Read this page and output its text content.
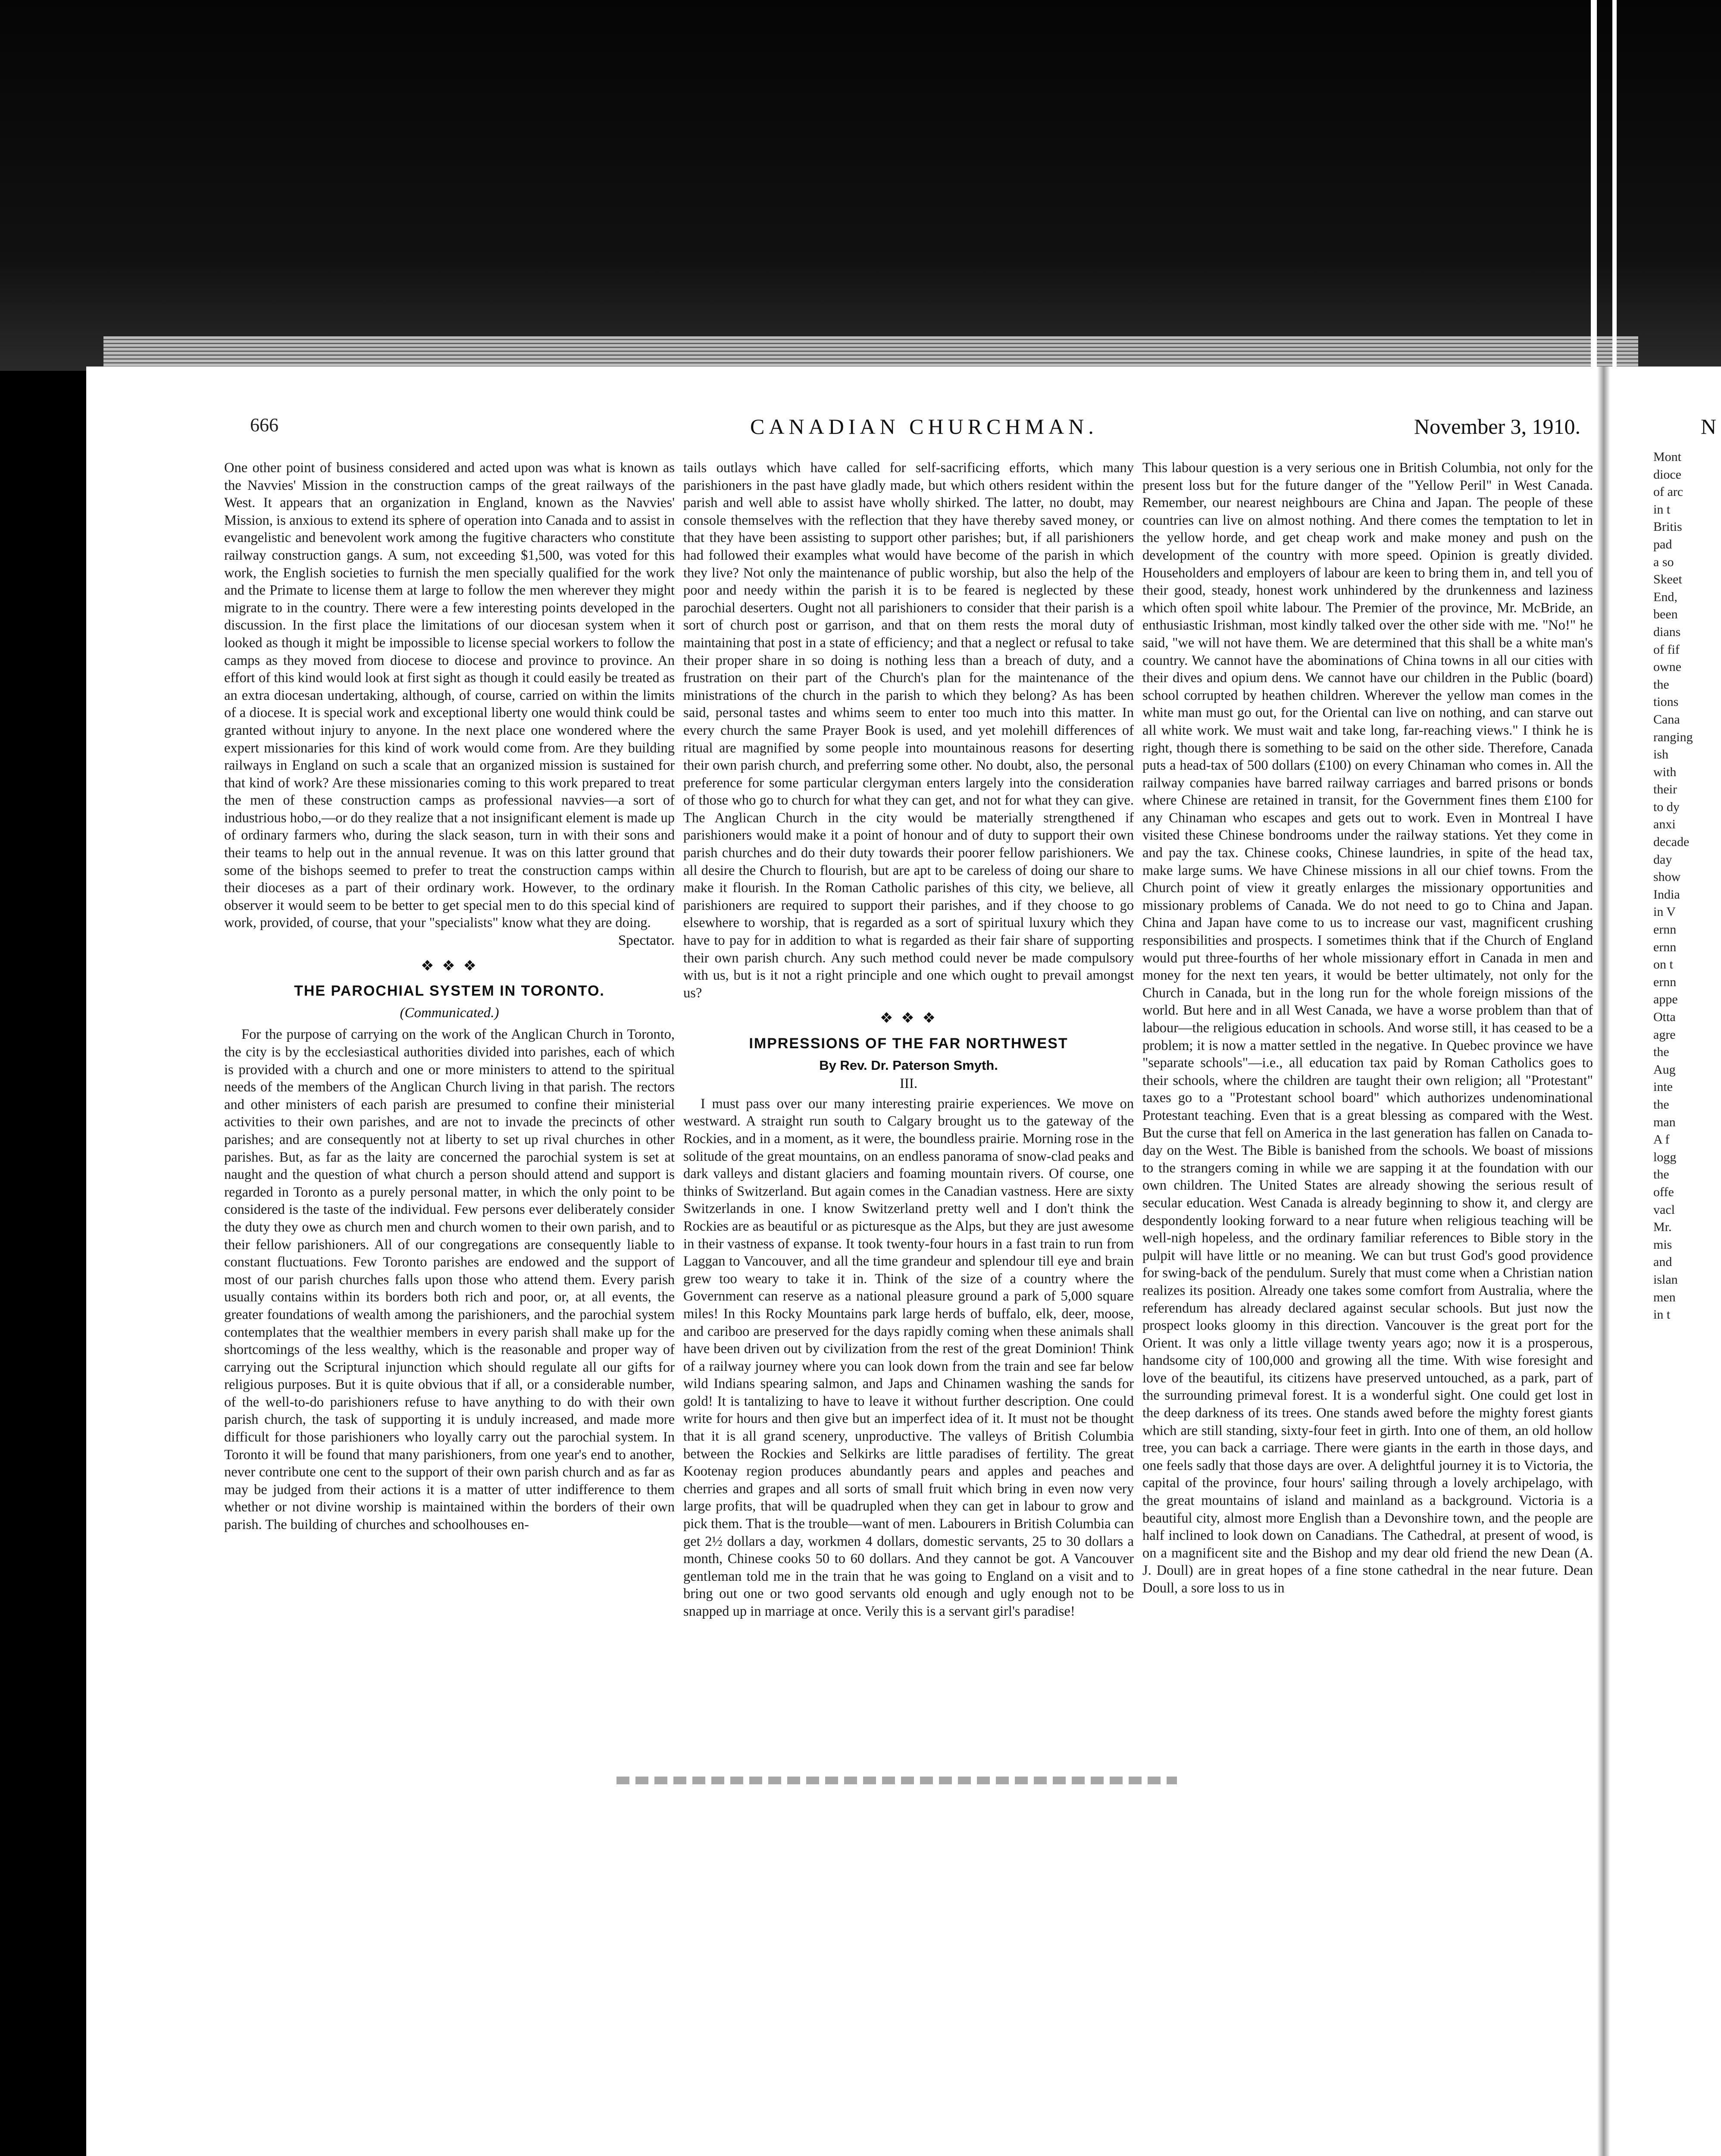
666	CANADIAN CHURCHMAN.	November 3, 1910.

One other point of business considered and acted upon was what is known as the Navvies' Mission in the construction camps of the great railways of the West. It appears that an organization in England, known as the Navvies' Mission, is anxious to extend its sphere of operation into Canada and to assist in evangelistic and benevolent work among the fugitive characters who constitute railway construction gangs. A sum, not exceeding $1,500, was voted for this work, the English societies to furnish the men specially qualified for the work and the Primate to license them at large to follow the men wherever they might migrate to in the country. There were a few interesting points developed in the discussion. In the first place the limitations of our diocesan system when it looked as though it might be impossible to license special workers to follow the camps as they moved from diocese to diocese and province to province. An effort of this kind would look at first sight as though it could easily be treated as an extra diocesan undertaking, although, of course, carried on within the limits of a diocese. It is special work and exceptional liberty one would think could be granted without injury to anyone. In the next place one wondered where the expert missionaries for this kind of work would come from. Are they building railways in England on such a scale that an organized mission is sustained for that kind of work? Are these missionaries coming to this work prepared to treat the men of these construction camps as professional navvies—a sort of industrious hobo,—or do they realize that a not insignificant element is made up of ordinary farmers who, during the slack season, turn in with their sons and their teams to help out in the annual revenue. It was on this latter ground that some of the bishops seemed to prefer to treat the construction camps within their dioceses as a part of their ordinary work. However, to the ordinary observer it would seem to be better to get special men to do this special kind of work, provided, of course, that your "specialists" know what they are doing.

Spectator.
❖ ❖ ❖
THE PAROCHIAL SYSTEM IN TORONTO.
(Communicated.)

For the purpose of carrying on the work of the Anglican Church in Toronto, the city is by the ecclesiastical authorities divided into parishes, each of which is provided with a church and one or more ministers to attend to the spiritual needs of the members of the Anglican Church living in that parish. The rectors and other ministers of each parish are presumed to confine their ministerial activities to their own parishes, and are not to invade the precincts of other parishes; and are consequently not at liberty to set up rival churches in other parishes. But, as far as the laity are concerned the parochial system is set at naught and the question of what church a person should attend and support is regarded in Toronto as a purely personal matter, in which the only point to be considered is the taste of the individual. Few persons ever deliberately consider the duty they owe as church men and church women to their own parish, and to their fellow parishioners. All of our congregations are consequently liable to constant fluctuations. Few Toronto parishes are endowed and the support of most of our parish churches falls upon those who attend them. Every parish usually contains within its borders both rich and poor, or, at all events, the greater foundations of wealth among the parishioners, and the parochial system contemplates that the wealthier members in every parish shall make up for the shortcomings of the less wealthy, which is the reasonable and proper way of carrying out the Scriptural injunction which should regulate all our gifts for religious purposes. But it is quite obvious that if all, or a considerable number, of the well-to-do parishioners refuse to have anything to do with their own parish church, the task of supporting it is unduly increased, and made more difficult for those parishioners who loyally carry out the parochial system. In Toronto it will be found that many parishioners, from one year's end to another, never contribute one cent to the support of their own parish church and as far as may be judged from their actions it is a matter of utter indifference to them whether or not divine worship is maintained within the borders of their own parish. The building of churches and schoolhouses en-

tails outlays which have called for self-sacrificing efforts, which many parishioners in the past have gladly made, but which others resident within the parish and well able to assist have wholly shirked. The latter, no doubt, may console themselves with the reflection that they have thereby saved money, or that they have been assisting to support other parishes; but, if all parishioners had followed their examples what would have become of the parish in which they live? Not only the maintenance of public worship, but also the help of the poor and needy within the parish it is to be feared is neglected by these parochial deserters. Ought not all parishioners to consider that their parish is a sort of church post or garrison, and that on them rests the moral duty of maintaining that post in a state of efficiency; and that a neglect or refusal to take their proper share in so doing is nothing less than a breach of duty, and a frustration on their part of the Church's plan for the maintenance of the ministrations of the church in the parish to which they belong? As has been said, personal tastes and whims seem to enter too much into this matter. In every church the same Prayer Book is used, and yet molehill differences of ritual are magnified by some people into mountainous reasons for deserting their own parish church, and preferring some other. No doubt, also, the personal preference for some particular clergyman enters largely into the consideration of those who go to church for what they can get, and not for what they can give. The Anglican Church in the city would be materially strengthened if parishioners would make it a point of honour and of duty to support their own parish churches and do their duty towards their poorer fellow parishioners. We all desire the Church to flourish, but are apt to be careless of doing our share to make it flourish. In the Roman Catholic parishes of this city, we believe, all parishioners are required to support their parishes, and if they choose to go elsewhere to worship, that is regarded as a sort of spiritual luxury which they have to pay for in addition to what is regarded as their fair share of supporting their own parish church. Any such method could never be made compulsory with us, but is it not a right principle and one which ought to prevail amongst us?

❖ ❖ ❖
IMPRESSIONS OF THE FAR NORTHWEST
By Rev. Dr. Paterson Smyth.
III.

I must pass over our many interesting prairie experiences. We move on westward. A straight run south to Calgary brought us to the gateway of the Rockies, and in a moment, as it were, the boundless prairie. Morning rose in the solitude of the great mountains, on an endless panorama of snow-clad peaks and dark valleys and distant glaciers and foaming mountain rivers. Of course, one thinks of Switzerland. But again comes in the Canadian vastness. Here are sixty Switzerlands in one. I know Switzerland pretty well and I don't think the Rockies are as beautiful or as picturesque as the Alps, but they are just awesome in their vastness of expanse. It took twenty-four hours in a fast train to run from Laggan to Vancouver, and all the time grandeur and splendour till eye and brain grew too weary to take it in. Think of the size of a country where the Government can reserve as a national pleasure ground a park of 5,000 square miles! In this Rocky Mountains park large herds of buffalo, elk, deer, moose, and cariboo are preserved for the days rapidly coming when these animals shall have been driven out by civilization from the rest of the great Dominion! Think of a railway journey where you can look down from the train and see far below wild Indians spearing salmon, and Japs and Chinamen washing the sands for gold! It is tantalizing to have to leave it without further description. One could write for hours and then give but an imperfect idea of it. It must not be thought that it is all grand scenery, unproductive. The valleys of British Columbia between the Rockies and Selkirks are little paradises of fertility. The great Kootenay region produces abundantly pears and apples and peaches and cherries and grapes and all sorts of small fruit which bring in even now very large profits, that will be quadrupled when they can get in labour to grow and pick them. That is the trouble—want of men. Labourers in British Columbia can get 2½ dollars a day, workmen 4 dollars, domestic servants, 25 to 30 dollars a month, Chinese cooks 50 to 60 dollars. And they cannot be got. A Vancouver gentleman told me in the train that he was going to England on a visit and to bring out one or two good servants old enough and ugly enough not to be snapped up in marriage at once. Verily this is a servant girl's paradise!

This labour question is a very serious one in British Columbia, not only for the present loss but for the future danger of the "Yellow Peril" in West Canada. Remember, our nearest neighbours are China and Japan. The people of these countries can live on almost nothing. And there comes the temptation to let in the yellow horde, and get cheap work and make money and push on the development of the country with more speed. Opinion is greatly divided. Householders and employers of labour are keen to bring them in, and tell you of their good, steady, honest work unhindered by the drunkenness and laziness which often spoil white labour. The Premier of the province, Mr. McBride, an enthusiastic Irishman, most kindly talked over the other side with me. "No!" he said, "we will not have them. We are determined that this shall be a white man's country. We cannot have the abominations of China towns in all our cities with their dives and opium dens. We cannot have our children in the Public (board) school corrupted by heathen children. Wherever the yellow man comes in the white man must go out, for the Oriental can live on nothing, and can starve out all white work. We must wait and take long, far-reaching views." I think he is right, though there is something to be said on the other side. Therefore, Canada puts a head-tax of 500 dollars (£100) on every Chinaman who comes in. All the railway companies have barred railway carriages and barred prisons or bonds where Chinese are retained in transit, for the Government fines them £100 for any Chinaman who escapes and gets out to work. Even in Montreal I have visited these Chinese bondrooms under the railway stations. Yet they come in and pay the tax. Chinese cooks, Chinese laundries, in spite of the head tax, make large sums. We have Chinese missions in all our chief towns. From the Church point of view it greatly enlarges the missionary opportunities and missionary problems of Canada. We do not need to go to China and Japan. China and Japan have come to us to increase our vast, magnificent crushing responsibilities and prospects. I sometimes think that if the Church of England would put three-fourths of her whole missionary effort in Canada in men and money for the next ten years, it would be better ultimately, not only for the Church in Canada, but in the long run for the whole foreign missions of the world. But here and in all West Canada, we have a worse problem than that of labour—the religious education in schools. And worse still, it has ceased to be a problem; it is now a matter settled in the negative. In Quebec province we have "separate schools"—i.e., all education tax paid by Roman Catholics goes to their schools, where the children are taught their own religion; all "Protestant" taxes go to a "Protestant school board" which authorizes undenominational Protestant teaching. Even that is a great blessing as compared with the West. But the curse that fell on America in the last generation has fallen on Canada to-day on the West. The Bible is banished from the schools. We boast of missions to the strangers coming in while we are sapping it at the foundation with our own children. The United States are already showing the serious result of secular education. West Canada is already beginning to show it, and clergy are despondently looking forward to a near future when religious teaching will be well-nigh hopeless, and the ordinary familiar references to Bible story in the pulpit will have little or no meaning. We can but trust God's good providence for swing-back of the pendulum. Surely that must come when a Christian nation realizes its position. Already one takes some comfort from Australia, where the referendum has already declared against secular schools. But just now the prospect looks gloomy in this direction. Vancouver is the great port for the Orient. It was only a little village twenty years ago; now it is a prosperous, handsome city of 100,000 and growing all the time. With wise foresight and love of the beautiful, its citizens have preserved untouched, as a park, part of the surrounding primeval forest. It is a wonderful sight. One could get lost in the deep darkness of its trees. One stands awed before the mighty forest giants which are still standing, sixty-four feet in girth. Into one of them, an old hollow tree, you can back a carriage. There were giants in the earth in those days, and one feels sadly that those days are over. A delightful journey it is to Victoria, the capital of the province, four hours' sailing through a lovely archipelago, with the great mountains of island and mainland as a background. Victoria is a beautiful city, almost more English than a Devonshire town, and the people are half inclined to look down on Canadians. The Cathedral, at present of wood, is on a magnificent site and the Bishop and my dear old friend the new Dean (A. J. Doull) are in great hopes of a fine stone cathedral in the near future. Dean Doull, a sore loss to us in

N
Mont
dioce
of arc
in t
Britis
pad
a so
Skeet
End,
been
dians
of fif
owne
the
tions
Cana
ranging
ish
with
their
to dy
anxi
decade
day
show
India
in V
ernn
ernn
on t
ernn
appe
Otta
agre
the
Aug
inte
the
man
A f
logg
the
offe
vacl
Mr.
mis
and
islan
men
in t
